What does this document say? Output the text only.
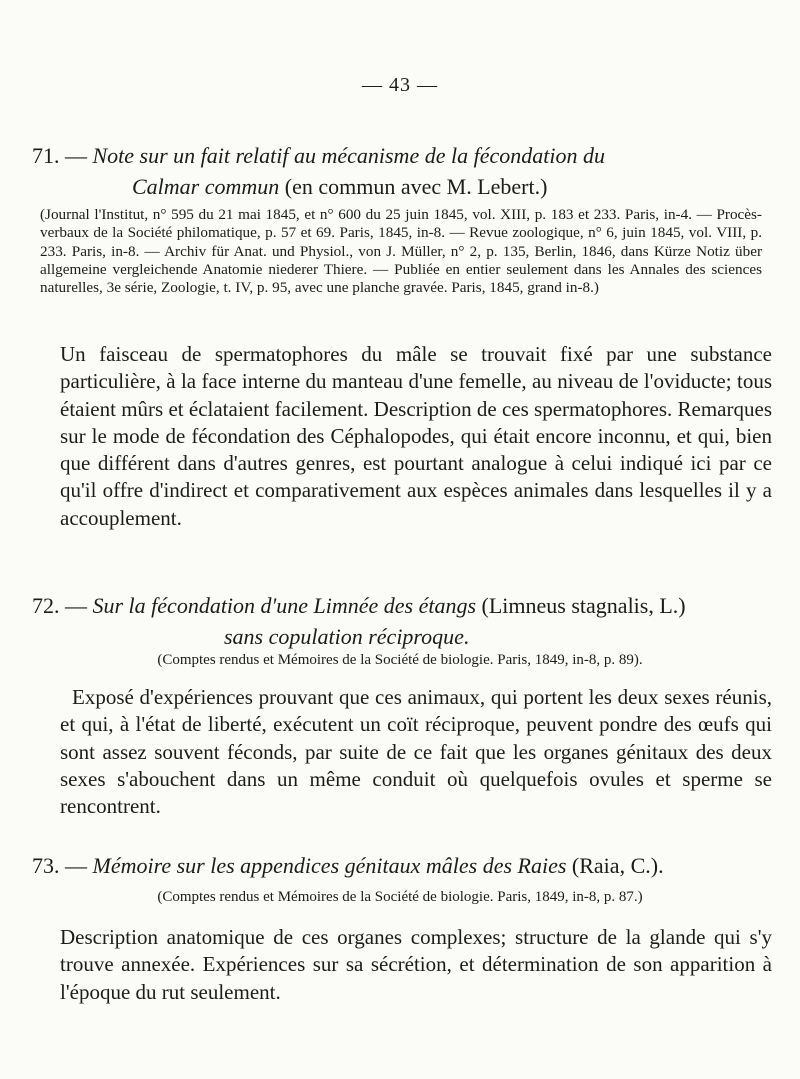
— 43 —
71. — Note sur un fait relatif au mécanisme de la fécondation du
Calmar commun (en commun avec M. Lebert.)
(Journal l'Institut, n° 595 du 21 mai 1845, et n° 600 du 25 juin 1845, vol. XIII, p. 183 et 233. Paris, in-4. — Procès-verbaux de la Société philomatique, p. 57 et 69. Paris, 1845, in-8. — Revue zoologique, n° 6, juin 1845, vol. VIII, p. 233. Paris, in-8. — Archiv für Anat. und Physiol., von J. Müller, n° 2, p. 135, Berlin, 1846, dans Kürze Notiz über allgemeine vergleichende Anatomie niederer Thiere. — Publiée en entier seulement dans les Annales des sciences naturelles, 3e série, Zoologie, t. IV, p. 95, avec une planche gravée. Paris, 1845, grand in-8.)
Un faisceau de spermatophores du mâle se trouvait fixé par une substance particulière, à la face interne du manteau d'une femelle, au niveau de l'oviducte; tous étaient mûrs et éclataient facilement. Description de ces spermatophores. Remarques sur le mode de fécondation des Céphalopodes, qui était encore inconnu, et qui, bien que différent dans d'autres genres, est pourtant analogue à celui indiqué ici par ce qu'il offre d'indirect et comparativement aux espèces animales dans lesquelles il y a accouplement.
72. — Sur la fécondation d'une Limnée des étangs (Limneus stagnalis, L.)
sans copulation réciproque.
(Comptes rendus et Mémoires de la Société de biologie. Paris, 1849, in-8, p. 89).
Exposé d'expériences prouvant que ces animaux, qui portent les deux sexes réunis, et qui, à l'état de liberté, exécutent un coït réciproque, peuvent pondre des œufs qui sont assez souvent féconds, par suite de ce fait que les organes génitaux des deux sexes s'abouchent dans un même conduit où quelquefois ovules et sperme se rencontrent.
73. — Mémoire sur les appendices génitaux mâles des Raies (Raia, C.).
(Comptes rendus et Mémoires de la Société de biologie. Paris, 1849, in-8, p. 87.)
Description anatomique de ces organes complexes; structure de la glande qui s'y trouve annexée. Expériences sur sa sécrétion, et détermination de son apparition à l'époque du rut seulement.
